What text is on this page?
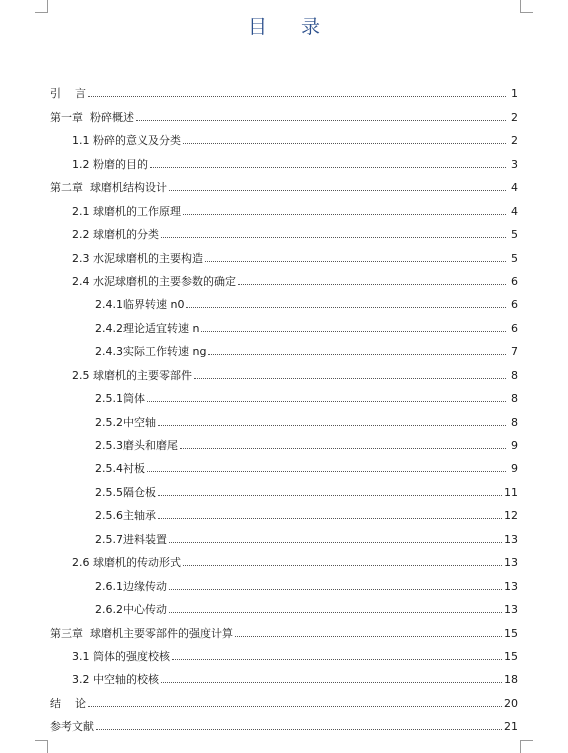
目 录
引    言	1
第一章  粉碎概述	2
1.1 粉碎的意义及分类	2
1.2 粉磨的目的	3
第二章  球磨机结构设计	4
2.1 球磨机的工作原理	4
2.2 球磨机的分类	5
2.3 水泥球磨机的主要构造	5
2.4 水泥球磨机的主要参数的确定	6
2.4.1临界转速 n0	6
2.4.2理论适宜转速 n	6
2.4.3实际工作转速 ng	7
2.5 球磨机的主要零部件	8
2.5.1筒体	8
2.5.2中空轴	8
2.5.3磨头和磨尾	9
2.5.4衬板	9
2.5.5隔仓板	11
2.5.6主轴承	12
2.5.7进料装置	13
2.6 球磨机的传动形式	13
2.6.1边缘传动	13
2.6.2中心传动	13
第三章  球磨机主要零部件的强度计算	15
3.1 筒体的强度校核	15
3.2 中空轴的校核	18
结    论	20
参考文献	21
